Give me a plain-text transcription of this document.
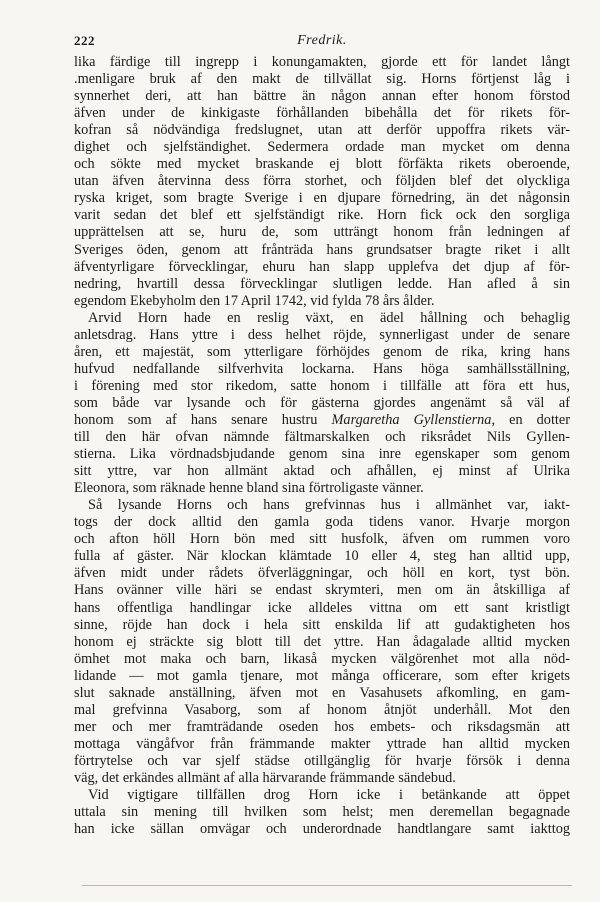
222	Fredrik.
lika färdige till ingrepp i konungamakten, gjorde ett för landet långt
.menligare bruk af den makt de tillvällat sig. Horns förtjenst låg i
synnerhet deri, att han bättre än någon annan efter honom förstod
äfven under de kinkigaste förhållanden bibehålla det för rikets för-
kofran så nödvändiga fredslugnet, utan att derför uppoffra rikets vär-
dighet och sjelfständighet. Sedermera ordade man mycket om denna
och sökte med mycket braskande ej blott förfäkta rikets oberoende,
utan äfven återvinna dess förra storhet, och följden blef det olyckliga
ryska kriget, som bragte Sverige i en djupare förnedring, än det någonsin
varit sedan det blef ett sjelfständigt rike. Horn fick ock den sorgliga
upprättelsen att se, huru de, som utträngt honom från ledningen af
Sveriges öden, genom att frånträda hans grundsatser bragte riket i allt
äfventyrligare förvecklingar, ehuru han slapp upplefva det djup af för-
nedring, hvartill dessa förvecklingar slutligen ledde. Han afled å sin
egendom Ekebyholm den 17 April 1742, vid fylda 78 års ålder.
Arvid Horn hade en reslig växt, en ädel hållning och behaglig
anletsdrag. Hans yttre i dess helhet röjde, synnerligast under de senare
åren, ett majestät, som ytterligare förhöjdes genom de rika, kring hans
hufvud nedfallande silfverhvita lockarna. Hans höga samhällsställning,
i förening med stor rikedom, satte honom i tillfälle att föra ett hus,
som både var lysande och för gästerna gjordes angenämt så väl af
honom som af hans senare hustru Margaretha Gyllenstierna, en dotter
till den här ofvan nämnde fältmarskalken och riksrådet Nils Gyllen-
stierna. Lika vördnadsbjudande genom sina inre egenskaper som genom
sitt yttre, var hon allmänt aktad och afhållen, ej minst af Ulrika
Eleonora, som räknade henne bland sina förtroligaste vänner.
Så lysande Horns och hans grefvinnas hus i allmänhet var, iakt-
togs der dock alltid den gamla goda tidens vanor. Hvarje morgon
och afton höll Horn bön med sitt husfolk, äfven om rummen voro
fulla af gäster. När klockan klämtade 10 eller 4, steg han alltid upp,
äfven midt under rådets öfverläggningar, och höll en kort, tyst bön.
Hans ovänner ville häri se endast skrymteri, men om än åtskilliga af
hans offentliga handlingar icke alldeles vittna om ett sant kristligt
sinne, röjde han dock i hela sitt enskilda lif att gudaktigheten hos
honom ej sträckte sig blott till det yttre. Han ådagalade alltid mycken
ömhet mot maka och barn, likaså mycken välgörenhet mot alla nöd-
lidande — mot gamla tjenare, mot många officerare, som efter krigets
slut saknade anställning, äfven mot en Vasahusets afkomling, en gam-
mal grefvinna Vasaborg, som af honom åtnjöt underhåll. Mot den
mer och mer framträdande oseden hos embets- och riksdagsmän att
mottaga vängåfvor från främmande makter yttrade han alltid mycken
förtrytelse och var sjelf städse otillgänglig för hvarje försök i denna
väg, det erkändes allmänt af alla härvarande främmande sändebud.
Vid vigtigare tillfällen drog Horn icke i betänkande att öppet
uttala sin mening till hvilken som helst; men deremellan begagnade
han icke sällan omvägar och underordnade handtlangare samt iakttog
